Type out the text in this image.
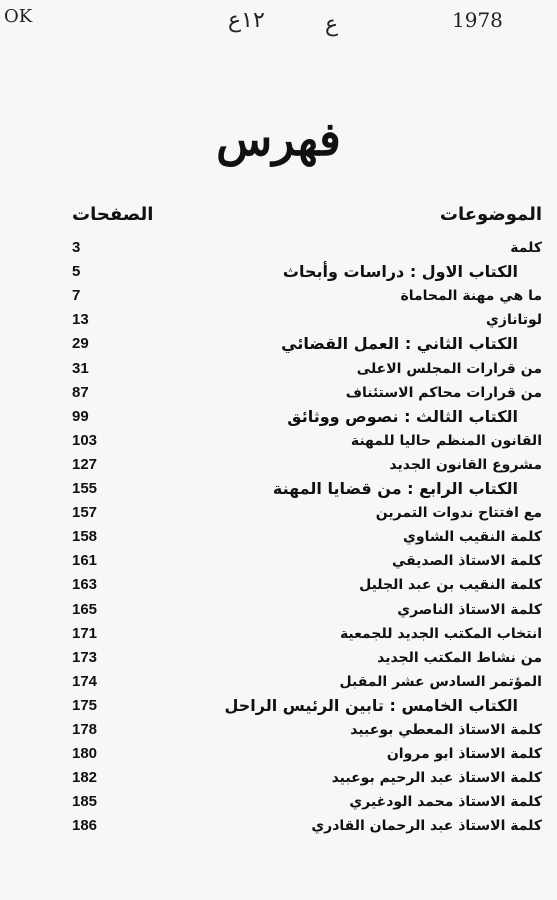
OK	١٢ع	ع	1978
فهرس
الموضوعات
الصفحات
3	كلمة
5	الكتاب الاول : دراسات وأبحاث
7	ما هي مهنة المحاماة
13	لوتانازي
29	الكتاب الثاني : العمل القضائي
31	من قرارات المجلس الاعلى
87	من قرارات محاكم الاستئناف
99	الكتاب الثالث : نصوص ووثائق
103	القانون المنظم حاليا للمهنة
127	مشروع القانون الجديد
155	الكتاب الرابع : من قضايا المهنة
157	مع افتتاح ندوات التمرين
158	كلمة النقيب الشاوي
161	كلمة الاستاذ الصديقي
163	كلمة النقيب بن عبد الجليل
165	كلمة الاستاذ الناصري
171	انتخاب المكتب الجديد للجمعية
173	من نشاط المكتب الجديد
174	المؤتمر السادس عشر المقبل
175	الكتاب الخامس : تابين الرئيس الراحل
178	كلمة الاستاذ المعطي بوعبيد
180	كلمة الاستاذ ابو مروان
182	كلمة الاستاذ عبد الرحيم بوعبيد
185	كلمة الاستاذ محمد الودغيري
186	كلمة الاستاذ عبد الرحمان القادري
